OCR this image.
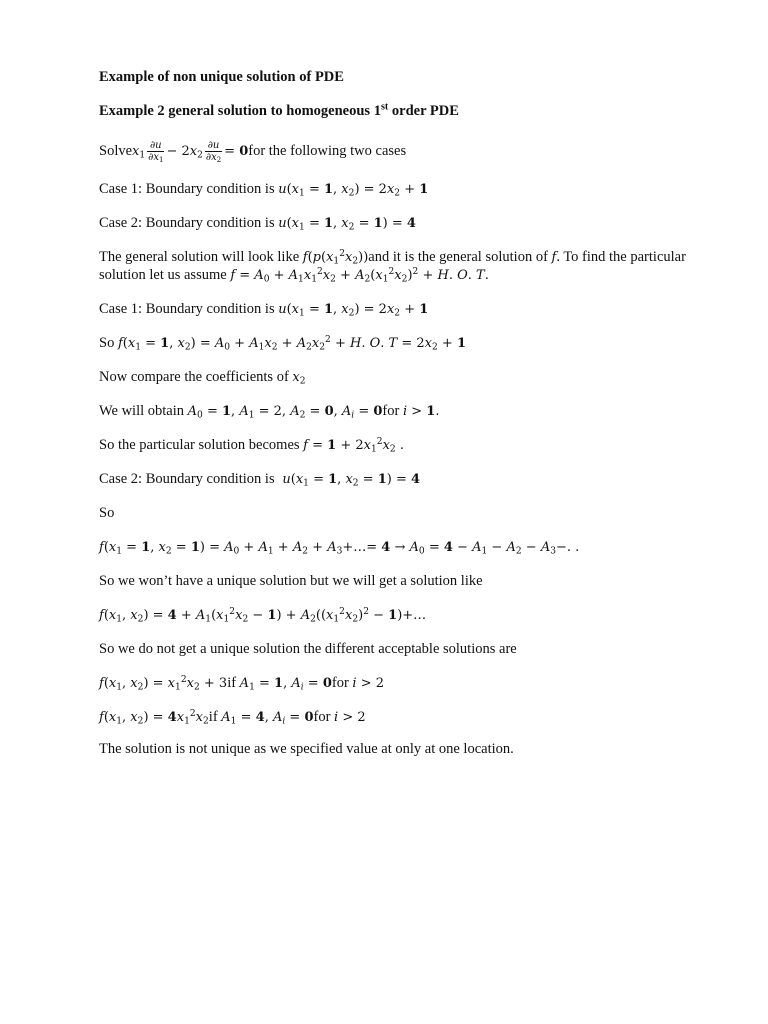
Example of non unique solution of PDE
Example 2 general solution to homogeneous 1st order PDE
Solvex$_1$ $\frac{\partial u}{\partial x_1} - 2x_2 \frac{\partial u}{\partial x_2} = 0for$ the following two cases
Case 1: Boundary condition is $u(x_1 = 1$, $x_2) = 2x_2 + 1$
Case 2: Boundary condition is $u(x_1 = 1$, $x_2 = 1) = 4$
The general solution will look like $f(p(x_1^2x_2))and$ it is the general solution of f. To find the particular
solution let us assume $f = A_0 + A_1x_1^2x_2 + A_2(x_1^2x_2)^2 + H$. O. T.
Case 1: Boundary condition is $u(x_1 = 1$, $x_2) = 2x_2 + 1$
So $f(x_1 = 1$, $x_2) = A_0 + A_1x_2 + A_2x_2^2 + H$. O. $T = 2x_2 + 1$
Now compare the coefficients of $x_2$
We will obtain $A_0 = 1$, $A_1 = 2$, $A_2 = 0$, $A_i = 0for$ i > 1.
So the particular solution becomes $f = 1 + 2x_1^2x_2$ .
Case 2: Boundary condition is  $u(x_1 = 1$, $x_2 = 1) = 4$
So
$f(x_1 = 1$, $x_2 = 1) = A_0 + A_1 + A_2$ + $A_3+\dots= 4 \to A_0 = 4 - A_1 - A_2 - A_3-$. .
So we won’t have a unique solution but we will get a solution like
$f(x_1$, $x_2) = 4 + A_1(x_1^2x_2 - 1) + A_2((x_1^2x_2)^2$ − 1)+…
So we do not get a unique solution the different acceptable solutions are
$f(x_1$, $x_2) = x_1^2x_2 + 3if$ $A_1 = 1$, $A_i = 0for$ i > 2
$f(x_1$, $x_2) = 4x_1^2x_2if$ $A_1 = 4$, $A_i = 0for$ i > 2
The solution is not unique as we specified value at only at one location.
